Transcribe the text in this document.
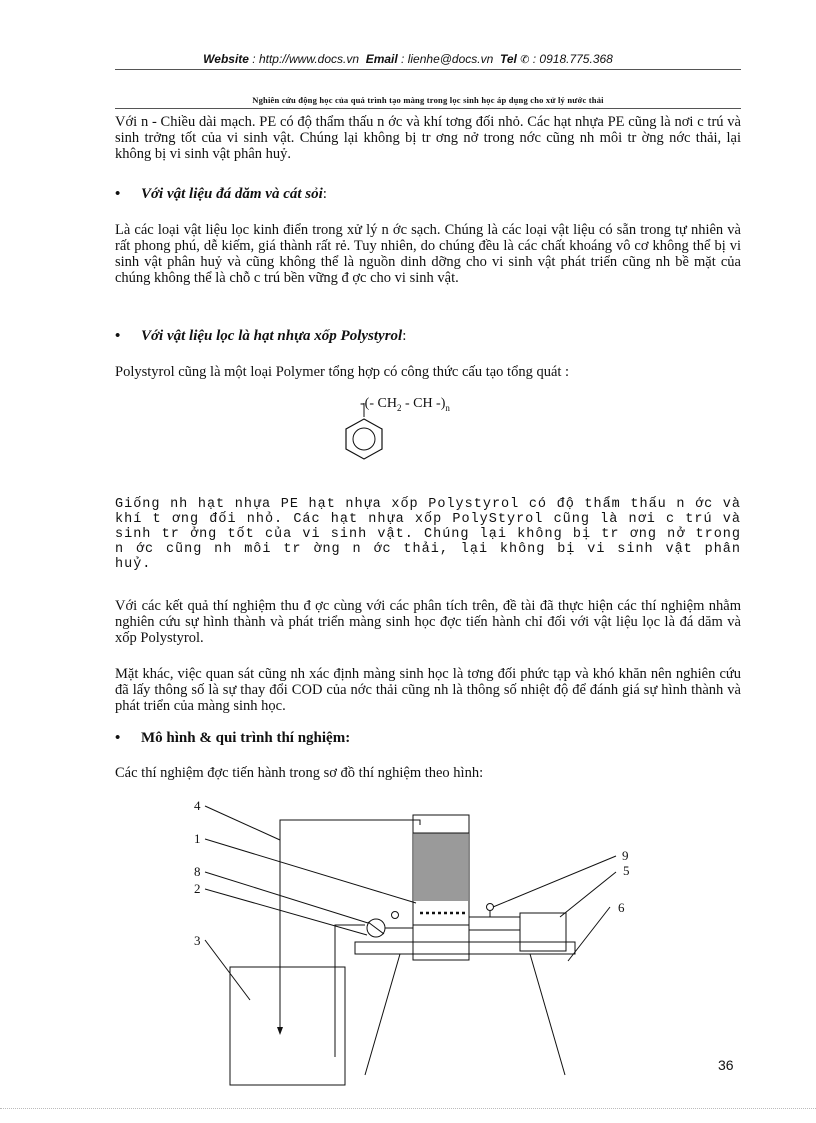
Website : http://www.docs.vn Email : lienhe@docs.vn Tel ✆ : 0918.775.368
Nghiên cứu động học của quá trình tạo màng trong lọc sinh học áp dụng cho xử lý nước thải
Với n - Chiều dài mạch. PE có độ thẩm thấu n ớc và khí tơng đối nhỏ. Các hạt nhựa PE cũng là nơi c trú và sinh trởng tốt của vi sinh vật. Chúng lại không bị tr ơng nở trong nớc cũng nh môi tr ờng nớc thải, lại không bị vi sinh vật phân huỷ.
• Với vật liệu đá dăm và cát sỏi:
Là các loại vật liệu lọc kinh điển trong xử lý n ớc sạch. Chúng là các loại vật liệu có sẵn trong tự nhiên và rất phong phú, dễ kiếm, giá thành rất rẻ. Tuy nhiên, do chúng đều là các chất khoáng vô cơ không thể bị vi sinh vật phân huỷ và cũng không thể là nguồn dinh dỡng cho vi sinh vật phát triển cũng nh bề mặt của chúng không thể là chỗ c trú bền vững đ ợc cho vi sinh vật.
• Với vật liệu lọc là hạt nhựa xốp Polystyrol:
Polystyrol cũng là một loại Polymer tổng hợp có công thức cấu tạo tổng quát :
-(- $CH_2$ - CH $-)_n$
Giống nh hạt nhựa PE hạt nhựa xốp Polystyrol có độ thẩm thấu n ớc và khí t ơng đối nhỏ. Các hạt nhựa xốp PolyStyrol cũng là nơi c trú và sinh tr ởng tốt của vi sinh vật. Chúng lại không bị tr ơng nở trong n ớc cũng nh môi tr ờng n ớc thải, lại không bị vi sinh vật phân huỷ.
Với các kết quả thí nghiệm thu đ ợc cùng với các phân tích trên, đề tài đã thực hiện các thí nghiệm nhằm nghiên cứu sự hình thành và phát triển màng sinh học đợc tiến hành chỉ đối với vật liệu lọc là đá dăm và xốp Polystyrol.
Mặt khác, việc quan sát cũng nh xác định màng sinh học là tơng đối phức tạp và khó khăn nên nghiên cứu đã lấy thông số là sự thay đổi COD của nớc thải cũng nh là thông số nhiệt độ để đánh giá sự hình thành và phát triển của màng sinh học.
• Mô hình & qui trình thí nghiệm:
Các thí nghiệm đợc tiến hành trong sơ đồ thí nghiệm theo hình:
4
1
8
2
3
9
5
6
36
